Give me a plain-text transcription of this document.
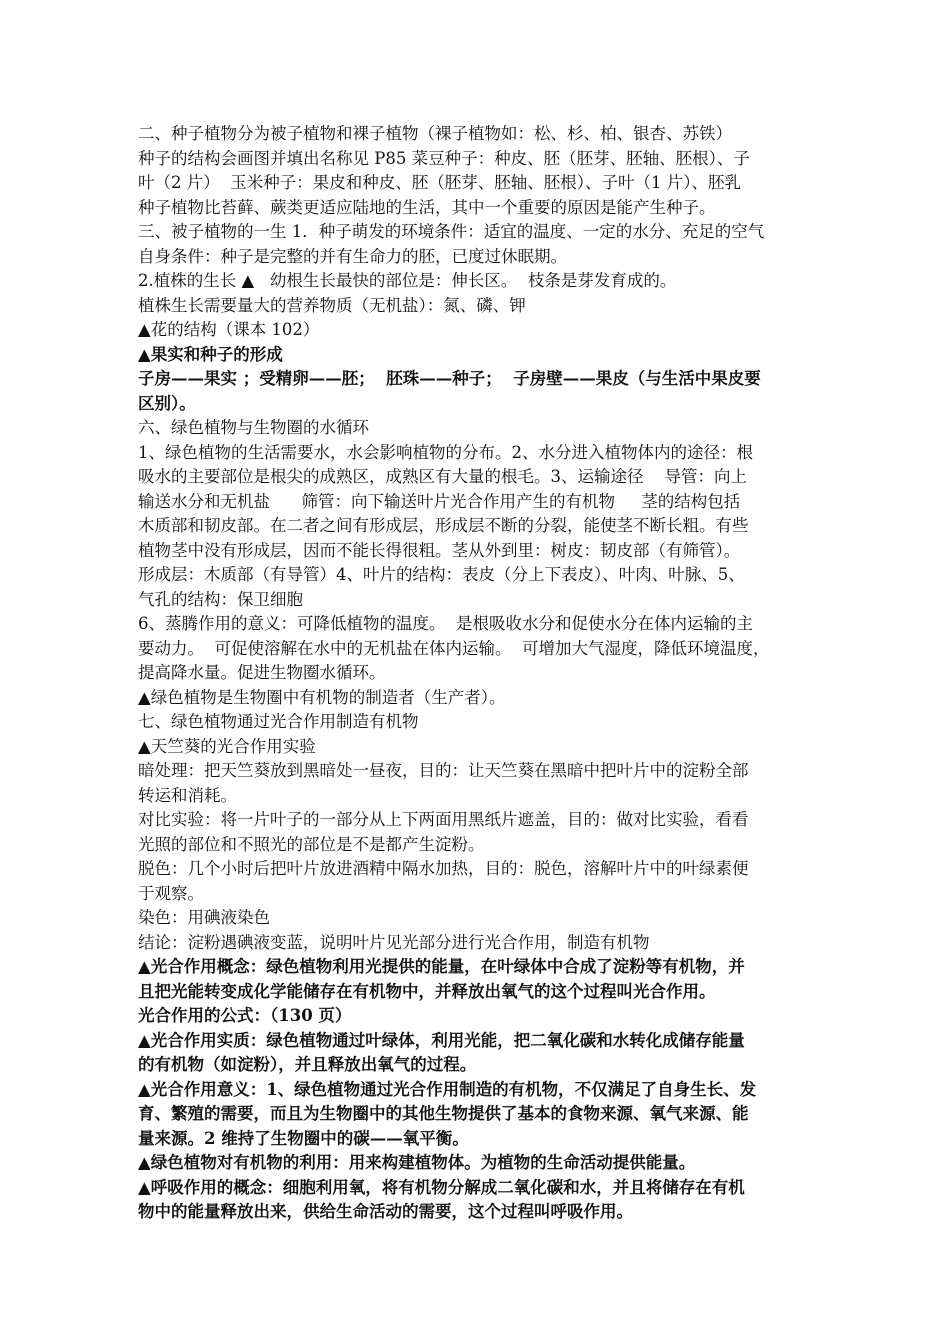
二、种子植物分为被子植物和裸子植物（裸子植物如：松、杉、柏、银杏、苏铁）
种子的结构会画图并填出名称见 P85 菜豆种子：种皮、胚（胚芽、胚轴、胚根）、子
叶（2 片）  玉米种子：果皮和种皮、胚（胚芽、胚轴、胚根）、子叶（1 片）、胚乳
种子植物比苔藓、蕨类更适应陆地的生活，其中一个重要的原因是能产生种子。
三、被子植物的一生 1．种子萌发的环境条件：适宜的温度、一定的水分、充足的空气
自身条件：种子是完整的并有生命力的胚，已度过休眠期。
2.植株的生长 ▲   幼根生长最快的部位是：伸长区。  枝条是芽发育成的。
植株生长需要量大的营养物质（无机盐）：氮、磷、钾
▲花的结构（课本 102）
▲果实和种子的形成
子房——果实 ；受精卵——胚；  胚珠——种子；  子房壁——果皮（与生活中果皮要
区别）。
六、绿色植物与生物圈的水循环
1、绿色植物的生活需要水，水会影响植物的分布。2、水分进入植物体内的途径：根
吸水的主要部位是根尖的成熟区，成熟区有大量的根毛。3、运输途径    导管：向上
输送水分和无机盐      筛管：向下输送叶片光合作用产生的有机物     茎的结构包括
木质部和韧皮部。在二者之间有形成层，形成层不断的分裂，能使茎不断长粗。有些
植物茎中没有形成层，因而不能长得很粗。茎从外到里：树皮：韧皮部（有筛管）。
形成层：木质部（有导管）4、叶片的结构：表皮（分上下表皮）、叶肉、叶脉、5、
气孔的结构：保卫细胞
6、蒸腾作用的意义：可降低植物的温度。  是根吸收水分和促使水分在体内运输的主
要动力。  可促使溶解在水中的无机盐在体内运输。  可增加大气湿度，降低环境温度，
提高降水量。促进生物圈水循环。
▲绿色植物是生物圈中有机物的制造者（生产者）。
七、绿色植物通过光合作用制造有机物
▲天竺葵的光合作用实验
暗处理：把天竺葵放到黑暗处一昼夜，目的：让天竺葵在黑暗中把叶片中的淀粉全部
转运和消耗。
对比实验：将一片叶子的一部分从上下两面用黑纸片遮盖，目的：做对比实验，看看
光照的部位和不照光的部位是不是都产生淀粉。
脱色：几个小时后把叶片放进酒精中隔水加热，目的：脱色，溶解叶片中的叶绿素便
于观察。
染色：用碘液染色
结论：淀粉遇碘液变蓝，说明叶片见光部分进行光合作用，制造有机物
▲光合作用概念：绿色植物利用光提供的能量，在叶绿体中合成了淀粉等有机物，并
且把光能转变成化学能储存在有机物中，并释放出氧气的这个过程叫光合作用。
光合作用的公式：（130 页）
▲光合作用实质：绿色植物通过叶绿体，利用光能，把二氧化碳和水转化成储存能量
的有机物（如淀粉），并且释放出氧气的过程。
▲光合作用意义：1、绿色植物通过光合作用制造的有机物，不仅满足了自身生长、发
育、繁殖的需要，而且为生物圈中的其他生物提供了基本的食物来源、氧气来源、能
量来源。2 维持了生物圈中的碳——氧平衡。
▲绿色植物对有机物的利用：用来构建植物体。为植物的生命活动提供能量。
▲呼吸作用的概念：细胞利用氧，将有机物分解成二氧化碳和水，并且将储存在有机
物中的能量释放出来，供给生命活动的需要，这个过程叫呼吸作用。
